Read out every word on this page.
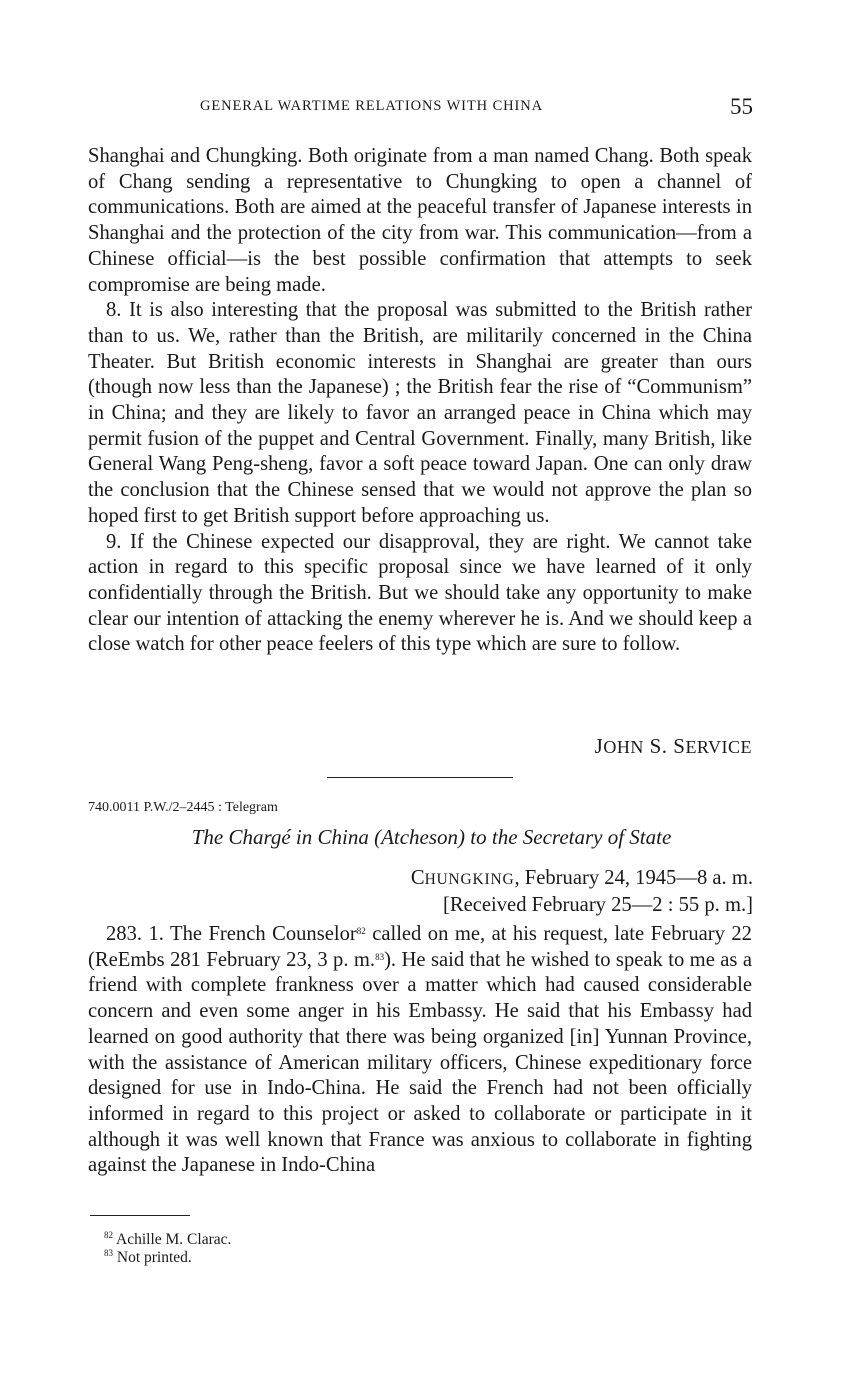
GENERAL WARTIME RELATIONS WITH CHINA	55

Shanghai and Chungking. Both originate from a man named Chang. Both speak of Chang sending a representative to Chungking to open a channel of communications. Both are aimed at the peaceful transfer of Japanese interests in Shanghai and the protection of the city from war. This communication—from a Chinese official—is the best possible confirmation that attempts to seek compromise are being made.

8. It is also interesting that the proposal was submitted to the British rather than to us. We, rather than the British, are militarily concerned in the China Theater. But British economic interests in Shanghai are greater than ours (though now less than the Japanese) ; the British fear the rise of “Communism” in China; and they are likely to favor an arranged peace in China which may permit fusion of the puppet and Central Government. Finally, many British, like General Wang Peng-sheng, favor a soft peace toward Japan. One can only draw the conclusion that the Chinese sensed that we would not approve the plan so hoped first to get British support before approaching us.

9. If the Chinese expected our disapproval, they are right. We cannot take action in regard to this specific proposal since we have learned of it only confidentially through the British. But we should take any opportunity to make clear our intention of attacking the enemy wherever he is. And we should keep a close watch for other peace feelers of this type which are sure to follow.

JOHN S. SERVICE
740.0011 P.W./2–2445 : Telegram
The Chargé in China (Atcheson) to the Secretary of State
CHUNGKING, February 24, 1945—8 a. m.
[Received February 25—2 : 55 p. m.]

283. 1. The French Counselor$^{82}$ called on me, at his request, late February 22 (ReEmbs 281 February 23, 3 p. m.$^{83}$). He said that he wished to speak to me as a friend with complete frankness over a matter which had caused considerable concern and even some anger in his Embassy. He said that his Embassy had learned on good authority that there was being organized [in] Yunnan Province, with the assistance of American military officers, Chinese expeditionary force designed for use in Indo-China. He said the French had not been officially informed in regard to this project or asked to collaborate or participate in it although it was well known that France was anxious to collaborate in fighting against the Japanese in Indo-China

$^{82}$ Achille M. Clarac.
$^{83}$ Not printed.
